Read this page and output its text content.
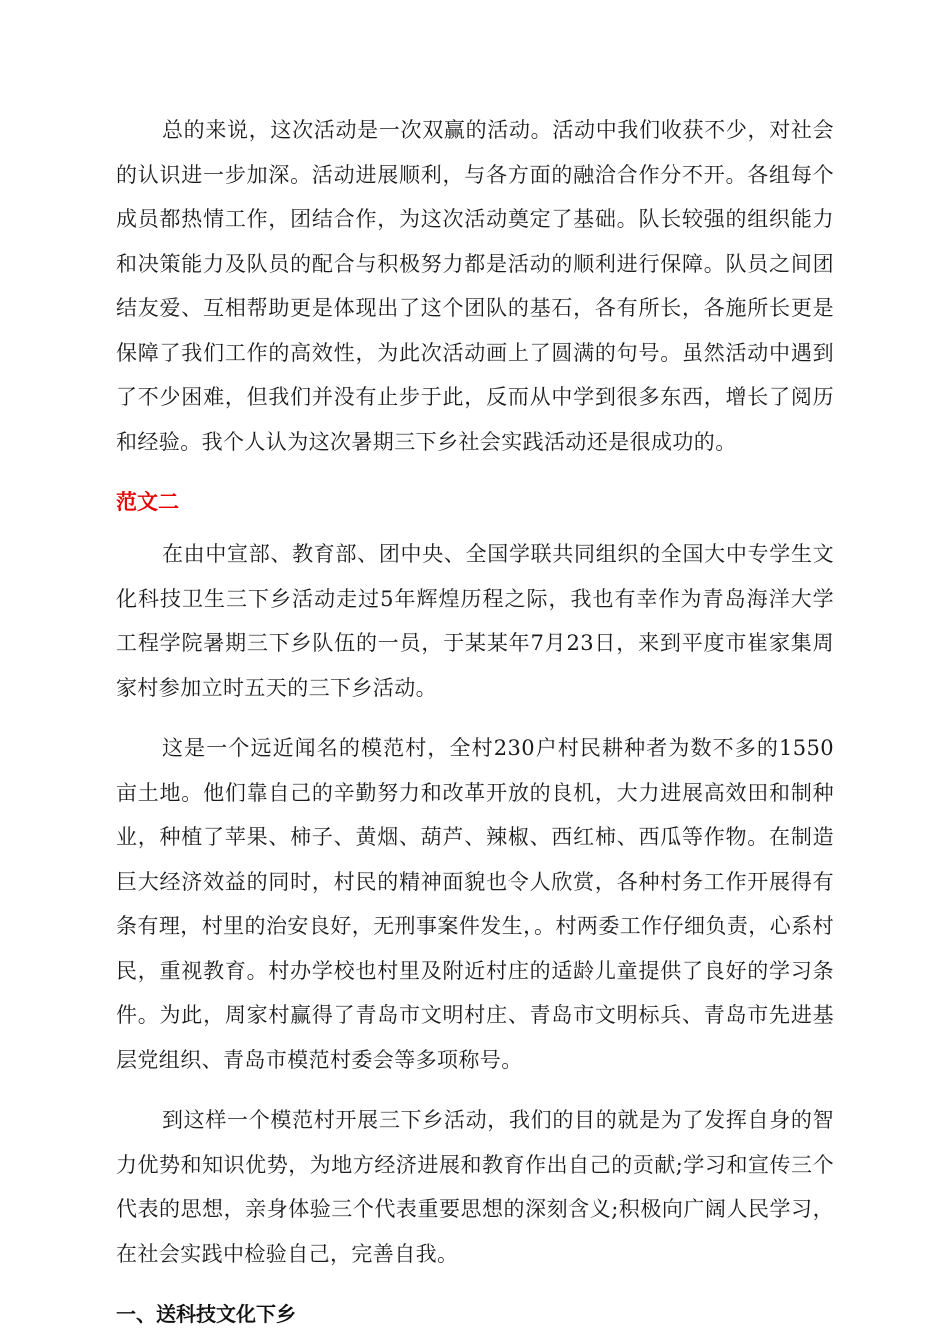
总的来说，这次活动是一次双赢的活动。活动中我们收获不少，对社会的认识进一步加深。活动进展顺利，与各方面的融洽合作分不开。各组每个成员都热情工作，团结合作，为这次活动奠定了基础。队长较强的组织能力和决策能力及队员的配合与积极努力都是活动的顺利进行保障。队员之间团结友爱、互相帮助更是体现出了这个团队的基石，各有所长，各施所长更是保障了我们工作的高效性，为此次活动画上了圆满的句号。虽然活动中遇到了不少困难，但我们并没有止步于此，反而从中学到很多东西，增长了阅历和经验。我个人认为这次暑期三下乡社会实践活动还是很成功的。

范文二

在由中宣部、教育部、团中央、全国学联共同组织的全国大中专学生文化科技卫生三下乡活动走过5年辉煌历程之际，我也有幸作为青岛海洋大学工程学院暑期三下乡队伍的一员，于某某年7月23日，来到平度市崔家集周家村参加立时五天的三下乡活动。

这是一个远近闻名的模范村，全村230户村民耕种者为数不多的1550亩土地。他们靠自己的辛勤努力和改革开放的良机，大力进展高效田和制种业，种植了苹果、柿子、黄烟、葫芦、辣椒、西红柿、西瓜等作物。在制造巨大经济效益的同时，村民的精神面貌也令人欣赏，各种村务工作开展得有条有理，村里的治安良好，无刑事案件发生，。村两委工作仔细负责，心系村民，重视教育。村办学校也村里及附近村庄的适龄儿童提供了良好的学习条件。为此，周家村赢得了青岛市文明村庄、青岛市文明标兵、青岛市先进基层党组织、青岛市模范村委会等多项称号。

到这样一个模范村开展三下乡活动，我们的目的就是为了发挥自身的智力优势和知识优势，为地方经济进展和教育作出自己的贡献;学习和宣传三个代表的思想，亲身体验三个代表重要思想的深刻含义;积极向广阔人民学习，在社会实践中检验自己，完善自我。

一、送科技文化下乡
